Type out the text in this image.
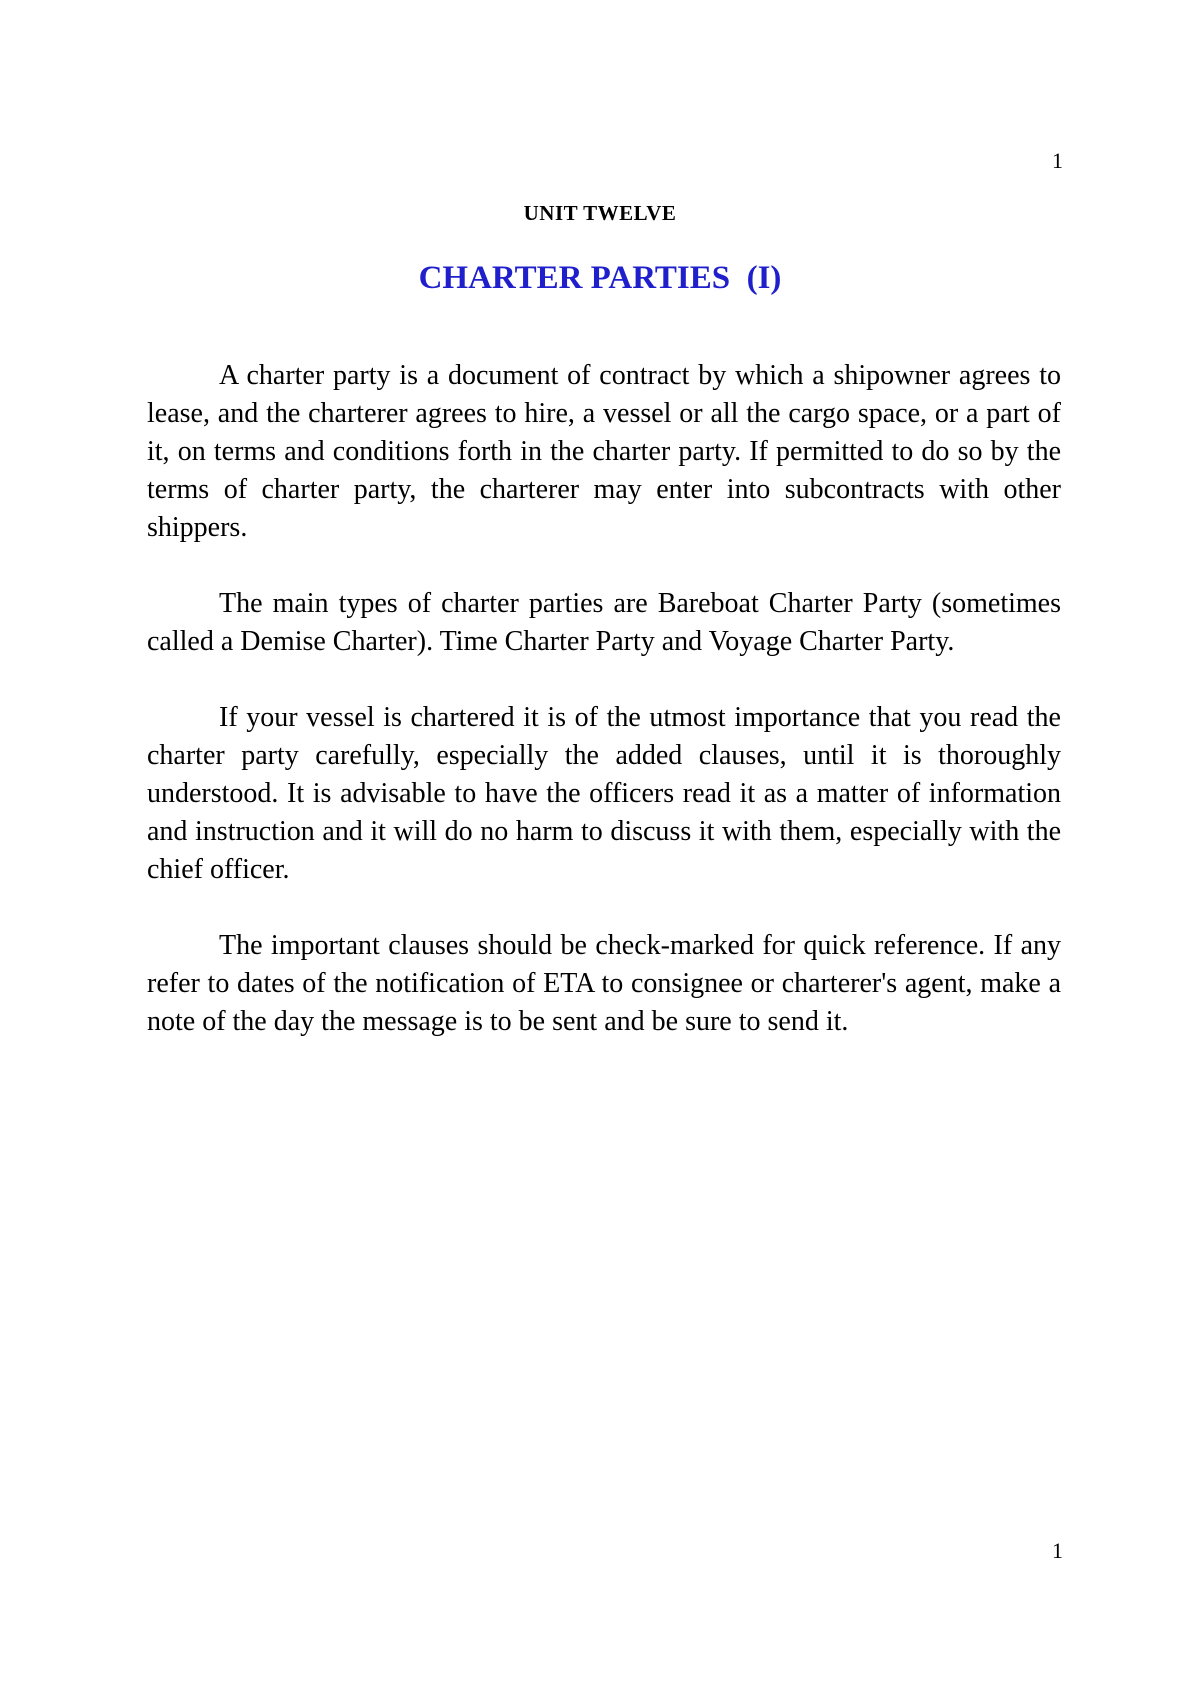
1
UNIT TWELVE
CHARTER PARTIES  (I)

A charter party is a document of contract by which a shipowner agrees to lease, and the charterer agrees to hire, a vessel or all the cargo space, or a part of it, on terms and conditions forth in the charter party. If permitted to do so by the terms of charter party, the charterer may enter into subcontracts with other shippers.

The main types of charter parties are Bareboat Charter Party (sometimes called a Demise Charter). Time Charter Party and Voyage Charter Party.

If your vessel is chartered it is of the utmost importance that you read the charter party carefully, especially the added clauses, until it is thoroughly understood. It is advisable to have the officers read it as a matter of information and instruction and it will do no harm to discuss it with them, especially with the chief officer.

The important clauses should be check-marked for quick reference. If any refer to dates of the notification of ETA to consignee or charterer's agent, make a note of the day the message is to be sent and be sure to send it.

1
